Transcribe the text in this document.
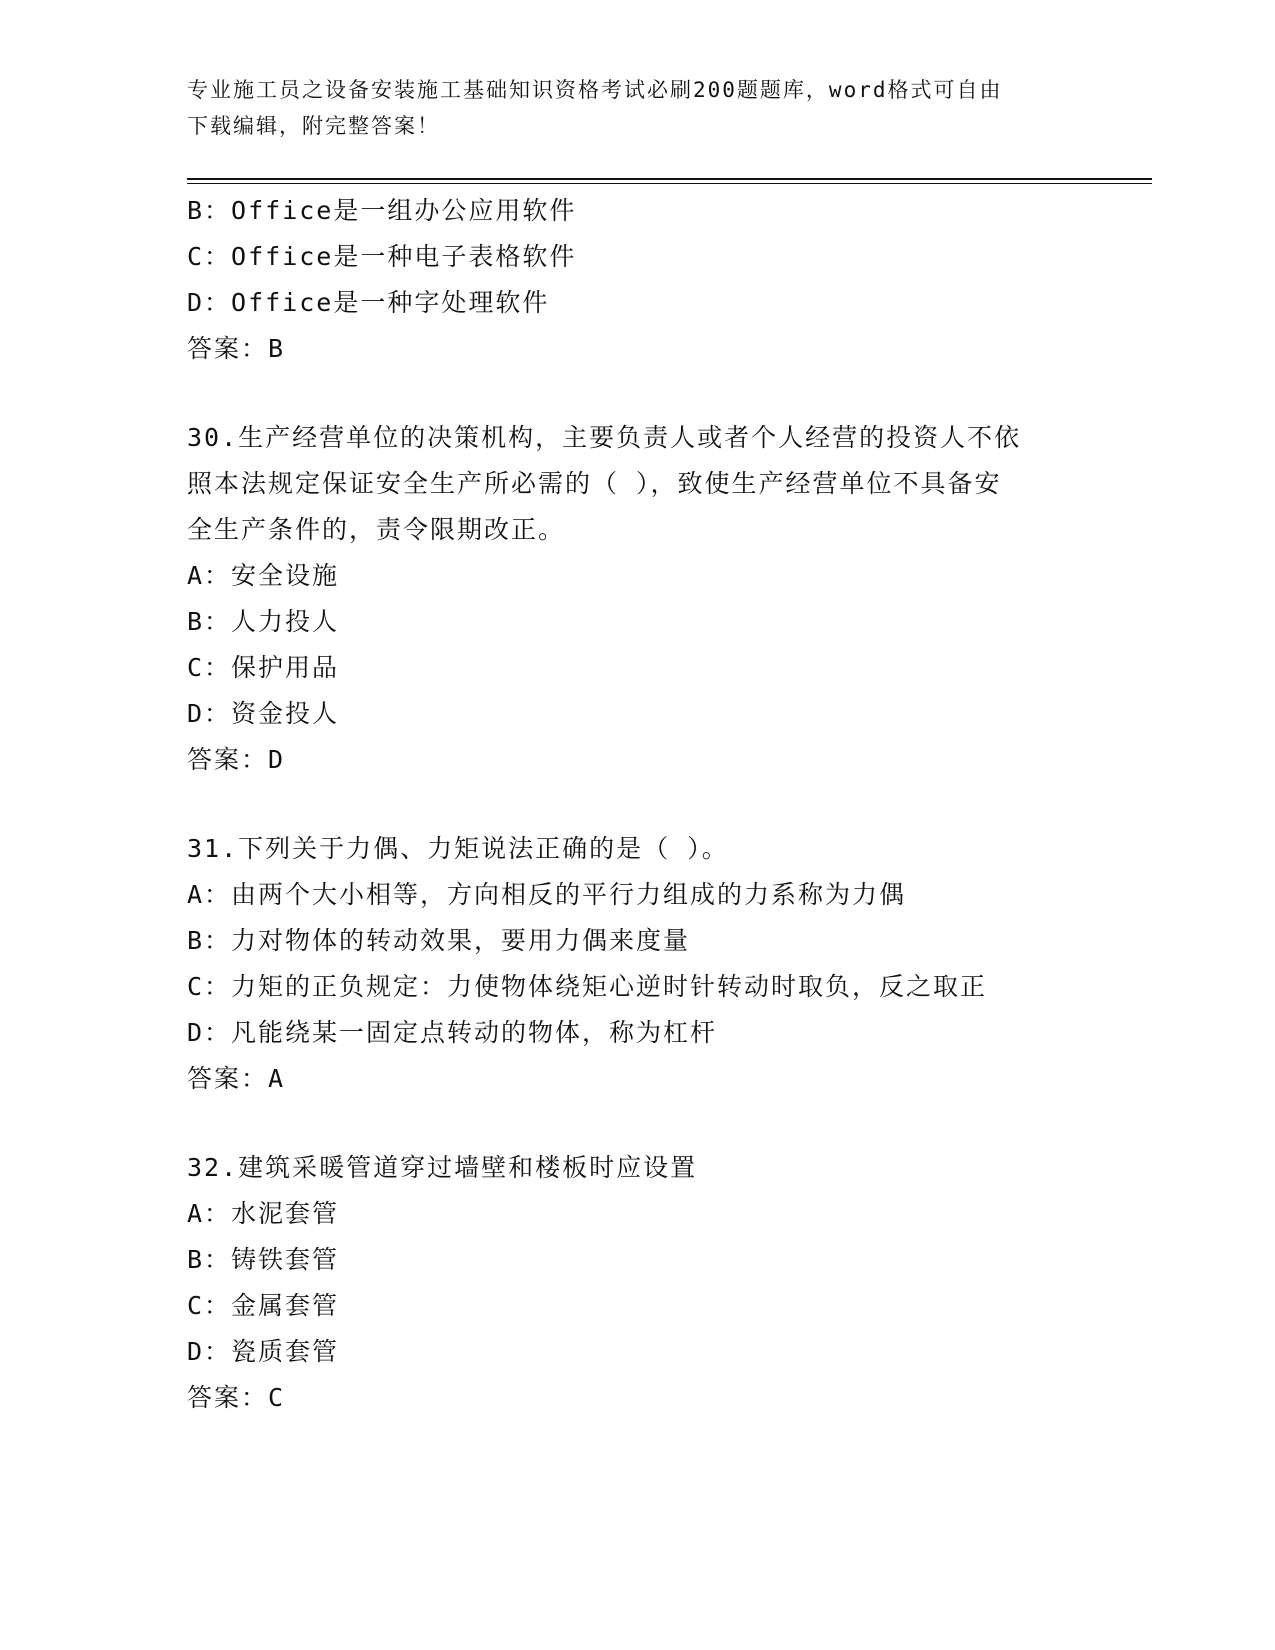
专业施工员之设备安装施工基础知识资格考试必刷200题题库，word格式可自由
下载编辑，附完整答案！
B：Office是一组办公应用软件
C：Office是一种电子表格软件
D：Office是一种字处理软件
答案：B
30.生产经营单位的决策机构，主要负责人或者个人经营的投资人不依
照本法规定保证安全生产所必需的（ ），致使生产经营单位不具备安
全生产条件的，责令限期改正。
A：安全设施
B：人力投人
C：保护用品
D：资金投人
答案：D
31.下列关于力偶、力矩说法正确的是（ ）。
A：由两个大小相等，方向相反的平行力组成的力系称为力偶
B：力对物体的转动效果，要用力偶来度量
C：力矩的正负规定：力使物体绕矩心逆时针转动时取负，反之取正
D：凡能绕某一固定点转动的物体，称为杠杆
答案：A
32.建筑采暖管道穿过墙壁和楼板时应设置
A：水泥套管
B：铸铁套管
C：金属套管
D：瓷质套管
答案：C
